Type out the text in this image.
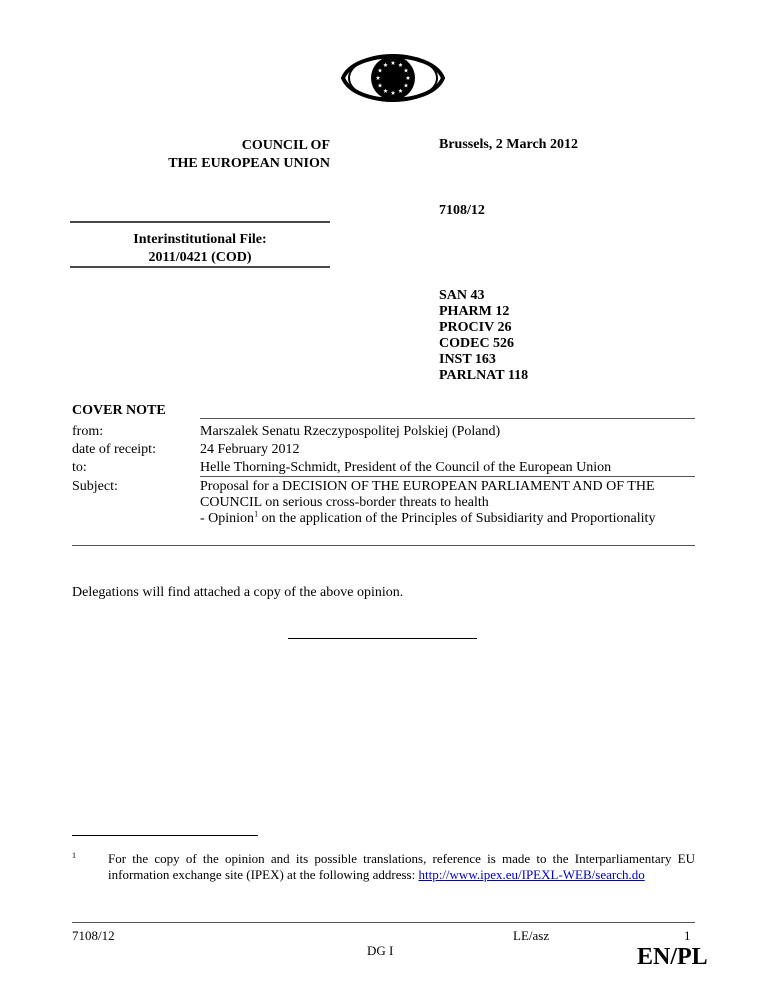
COUNCIL OF
THE EUROPEAN UNION
Brussels, 2 March 2012
7108/12
Interinstitutional File:
2011/0421 (COD)
SAN 43
PHARM 12
PROCIV 26
CODEC 526
INST 163
PARLNAT 118
COVER NOTE
from:	Marszalek Senatu Rzeczypospolitej Polskiej (Poland)
date of receipt:	24 February 2012
to:	Helle Thorning-Schmidt, President of the Council of the European Union
Subject:	Proposal for a DECISION OF THE EUROPEAN PARLIAMENT AND OF THE COUNCIL on serious cross-border threats to health
- Opinion$^1$ on the application of the Principles of Subsidiarity and Proportionality
Delegations will find attached a copy of the above opinion.
1 For the copy of the opinion and its possible translations, reference is made to the Interparliamentary EU information exchange site (IPEX) at the following address: http://www.ipex.eu/IPEXL-WEB/search.do
7108/12
DG I
LE/asz	1
EN/PL
